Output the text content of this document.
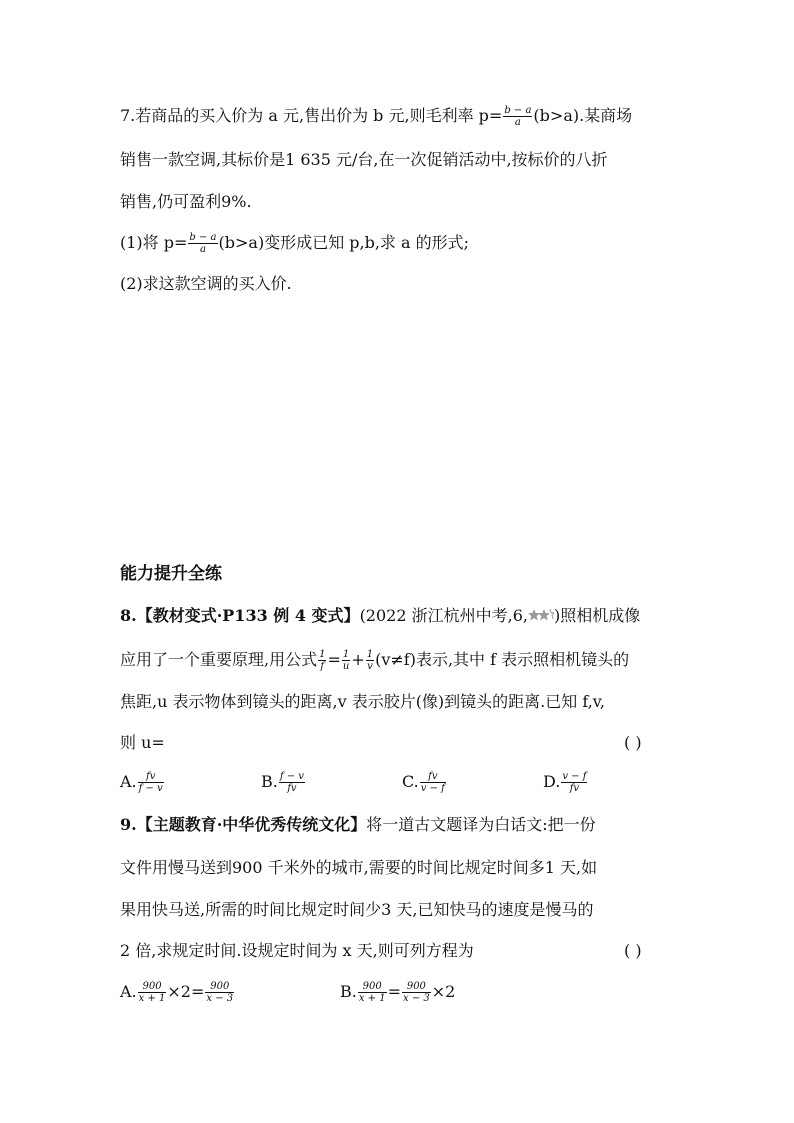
7.若商品的买入价为 a 元,售出价为 b 元,则毛利率 $p= \frac{b - a}{a} (b>a)$.某商场
销售一款空调,其标价是1 635 元/台,在一次促销活动中,按标价的八折
销售,仍可盈利9%.
(1)将 $p= \frac{b - a}{a} (b>a)$变形成已知 p,b,求 a 的形式;
(2)求这款空调的买入价.
能力提升全练
8.【教材变式·P133 例 4 变式】(2022 浙江杭州中考,6, )照相机成像
应用了一个重要原理,用公式 $\frac{1}{f} = \frac{1}{u} + \frac{1}{v} (v\ne f)$表示,其中 f 表示照相机镜头的
焦距,u 表示物体到镜头的距离,v 表示胶片(像)到镜头的距离.已知 f,v,
则 u=	( )
A. $\frac{fv}{f - v}$	B. $\frac{f - v}{fv}$	C. $\frac{fv}{v - f}$	D. $\frac{v - f}{fv}$
9.【主题教育·中华优秀传统文化】将一道古文题译为白话文:把一份
文件用慢马送到900 千米外的城市,需要的时间比规定时间多1 天,如
果用快马送,所需的时间比规定时间少3 天,已知快马的速度是慢马的
2 倍,求规定时间.设规定时间为 x 天,则可列方程为	( )
A. $\frac{900}{x + 1} \times 2= \frac{900}{x - 3}$	B. $\frac{900}{x + 1} = \frac{900}{x - 3} \times 2$
